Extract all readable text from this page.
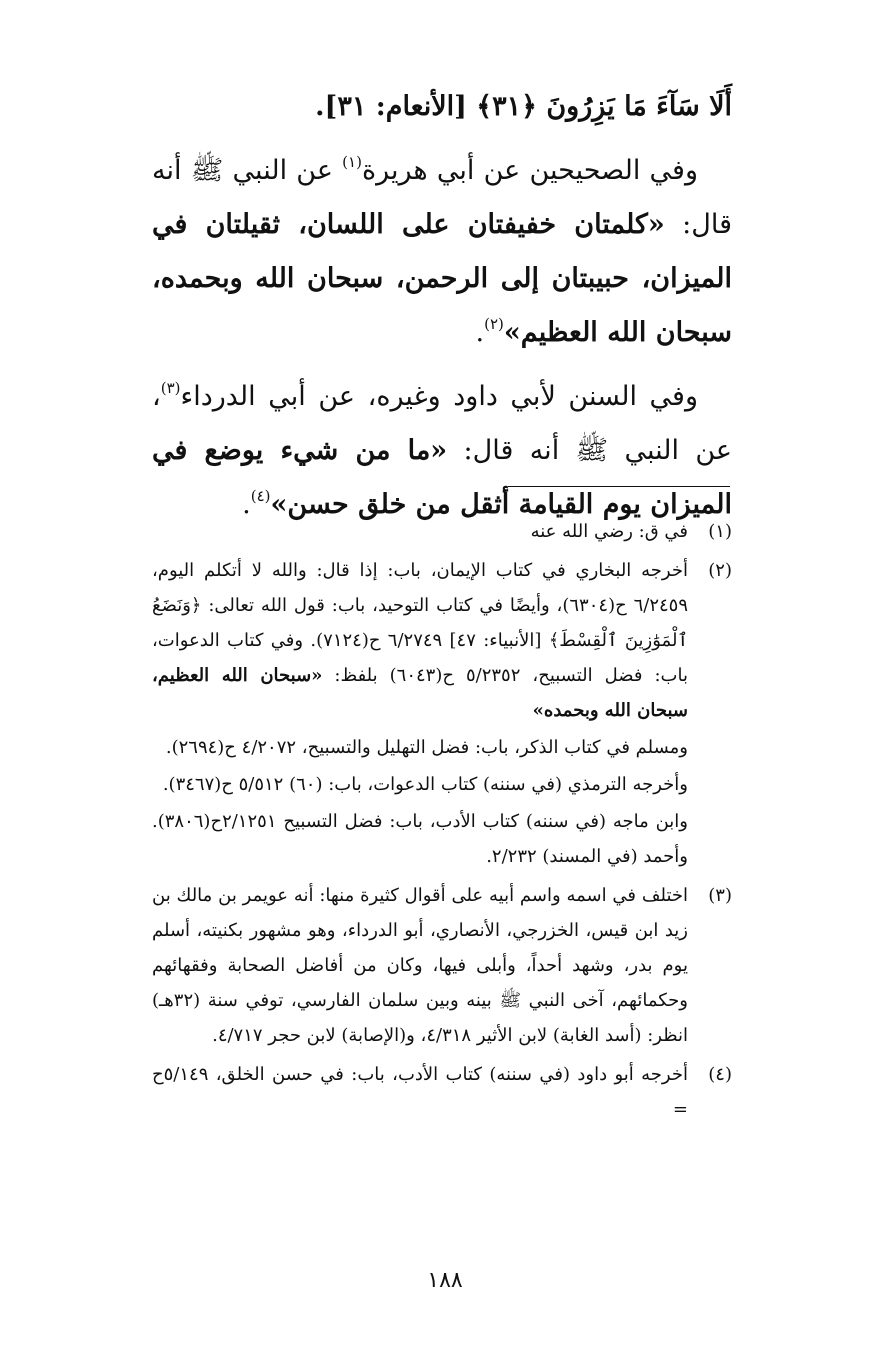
أَلَا سَآءَ مَا يَزِرُونَ ﴿٣١﴾ [الأنعام: ٣١].

وفي الصحيحين عن أبي هريرة$^{(١)}$ عن النبي ﷺ أنه قال: «كلمتان خفيفتان على اللسان، ثقيلتان في الميزان، حبيبتان إلى الرحمن، سبحان الله وبحمده، سبحان الله العظيم»$^{(٢)}$.

وفي السنن لأبي داود وغيره، عن أبي الدرداء$^{(٣)}$، عن النبي ﷺ أنه قال: «ما من شيء يوضع في الميزان يوم القيامة أثقل من خلق حسن»$^{(٤)}$.

(١)

في ق: رضي الله عنه

(٢)

أخرجه البخاري في كتاب الإيمان، باب: إذا قال: والله لا أتكلم اليوم، ٦/٢٤٥٩ ح(٦٣٠٤)، وأيضًا في كتاب التوحيد، باب: قول الله تعالى: ﴿وَنَضَعُ ٱلْمَوَٰزِينَ ٱلْقِسْطَ﴾ [الأنبياء: ٤٧] ٦/٢٧٤٩ ح(٧١٢٤). وفي كتاب الدعوات، باب: فضل التسبيح، ٥/٢٣٥٢ ح(٦٠٤٣) بلفظ: «سبحان الله العظيم، سبحان الله وبحمده»

ومسلم في كتاب الذكر، باب: فضل التهليل والتسبيح، ٤/٢٠٧٢ ح(٢٦٩٤).

وأخرجه الترمذي (في سننه) كتاب الدعوات، باب: (٦٠) ٥/٥١٢ ح(٣٤٦٧).

وابن ماجه (في سننه) كتاب الأدب، باب: فضل التسبيح ٢/١٢٥١ح(٣٨٠٦). وأحمد (في المسند) ٢/٢٣٢.

(٣)

اختلف في اسمه واسم أبيه على أقوال كثيرة منها: أنه عويمر بن مالك بن زيد ابن قيس، الخزرجي، الأنصاري، أبو الدرداء، وهو مشهور بكنيته، أسلم يوم بدر، وشهد أحداً، وأبلى فيها، وكان من أفاضل الصحابة وفقهائهم وحكمائهم، آخى النبي ﷺ بينه وبين سلمان الفارسي، توفي سنة (٣٢هـ) انظر: (أسد الغابة) لابن الأثير ٤/٣١٨، و(الإصابة) لابن حجر ٤/٧١٧.

(٤)

أخرجه أبو داود (في سننه) كتاب الأدب، باب: في حسن الخلق، ٥/١٤٩ح =

١٨٨
